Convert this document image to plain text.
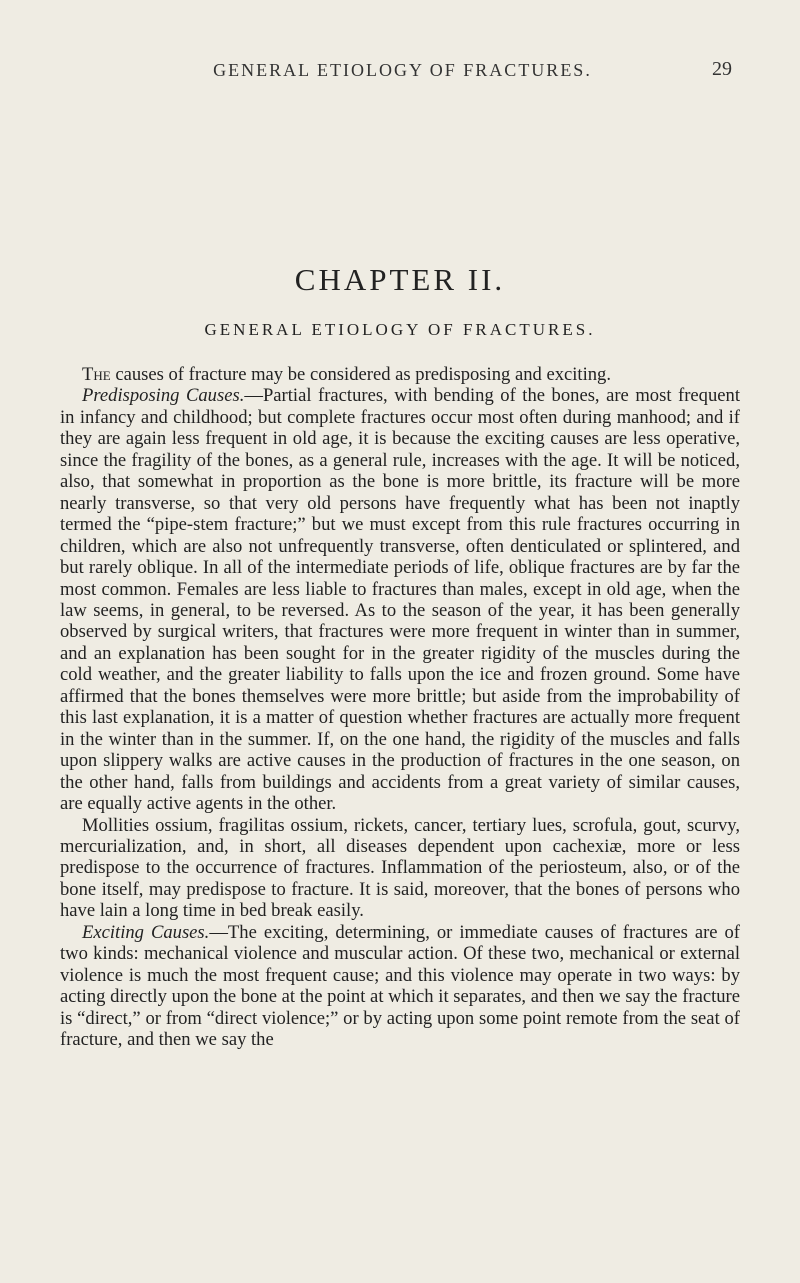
GENERAL ETIOLOGY OF FRACTURES.	29
CHAPTER II.
GENERAL ETIOLOGY OF FRACTURES.

The causes of fracture may be considered as predisposing and exciting.

Predisposing Causes.—Partial fractures, with bending of the bones, are most frequent in infancy and childhood; but complete fractures occur most often during manhood; and if they are again less frequent in old age, it is because the exciting causes are less operative, since the fragility of the bones, as a general rule, increases with the age. It will be noticed, also, that somewhat in proportion as the bone is more brittle, its fracture will be more nearly transverse, so that very old persons have frequently what has been not inaptly termed the “pipe-stem fracture;” but we must except from this rule fractures occurring in children, which are also not unfrequently transverse, often denticulated or splintered, and but rarely oblique. In all of the intermediate periods of life, oblique fractures are by far the most common. Females are less liable to fractures than males, except in old age, when the law seems, in general, to be reversed. As to the season of the year, it has been generally observed by surgical writers, that fractures were more frequent in winter than in summer, and an explanation has been sought for in the greater rigidity of the muscles during the cold weather, and the greater liability to falls upon the ice and frozen ground. Some have affirmed that the bones themselves were more brittle; but aside from the improbability of this last explanation, it is a matter of question whether fractures are actually more frequent in the winter than in the summer. If, on the one hand, the rigidity of the muscles and falls upon slippery walks are active causes in the production of fractures in the one season, on the other hand, falls from buildings and accidents from a great variety of similar causes, are equally active agents in the other.

Mollities ossium, fragilitas ossium, rickets, cancer, tertiary lues, scrofula, gout, scurvy, mercurialization, and, in short, all diseases dependent upon cachexiæ, more or less predispose to the occurrence of fractures. Inflammation of the periosteum, also, or of the bone itself, may predispose to fracture. It is said, moreover, that the bones of persons who have lain a long time in bed break easily.

Exciting Causes.—The exciting, determining, or immediate causes of fractures are of two kinds: mechanical violence and muscular action. Of these two, mechanical or external violence is much the most frequent cause; and this violence may operate in two ways: by acting directly upon the bone at the point at which it separates, and then we say the fracture is “direct,” or from “direct violence;” or by acting upon some point remote from the seat of fracture, and then we say the
